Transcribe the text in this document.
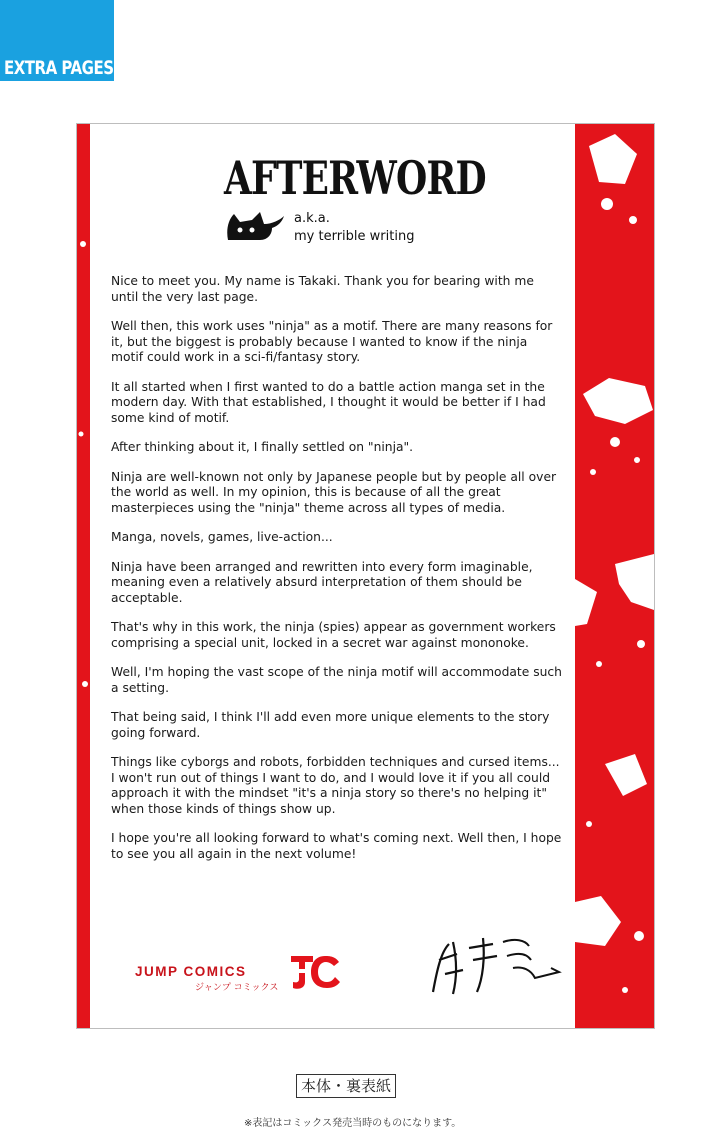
EXTRA PAGES
AFTERWORD
a.k.a.
my terrible writing

Nice to meet you. My name is Takaki. Thank you for bearing with me until the very last page.

Well then, this work uses "ninja" as a motif. There are many reasons for it, but the biggest is probably because I wanted to know if the ninja motif could work in a sci-fi/fantasy story.

It all started when I first wanted to do a battle action manga set in the modern day. With that established, I thought it would be better if I had some kind of motif.

After thinking about it, I finally settled on "ninja".

Ninja are well-known not only by Japanese people but by people all over the world as well. In my opinion, this is because of all the great masterpieces using the "ninja" theme across all types of media.

Manga, novels, games, live-action...

Ninja have been arranged and rewritten into every form imaginable, meaning even a relatively absurd interpretation of them should be acceptable.

That's why in this work, the ninja (spies) appear as government workers comprising a special unit, locked in a secret war against mononoke.

Well, I'm hoping the vast scope of the ninja motif will accommodate such a setting.

That being said, I think I'll add even more unique elements to the story going forward.

Things like cyborgs and robots, forbidden techniques and cursed items... I won't run out of things I want to do, and I would love it if you all could approach it with the mindset "it's a ninja story so there's no helping it" when those kinds of things show up.

I hope you're all looking forward to what's coming next. Well then, I hope to see you all again in the next volume!

JUMP COMICS
ジャンプ コミックス
本体・裏表紙
※表記はコミックス発売当時のものになります。
